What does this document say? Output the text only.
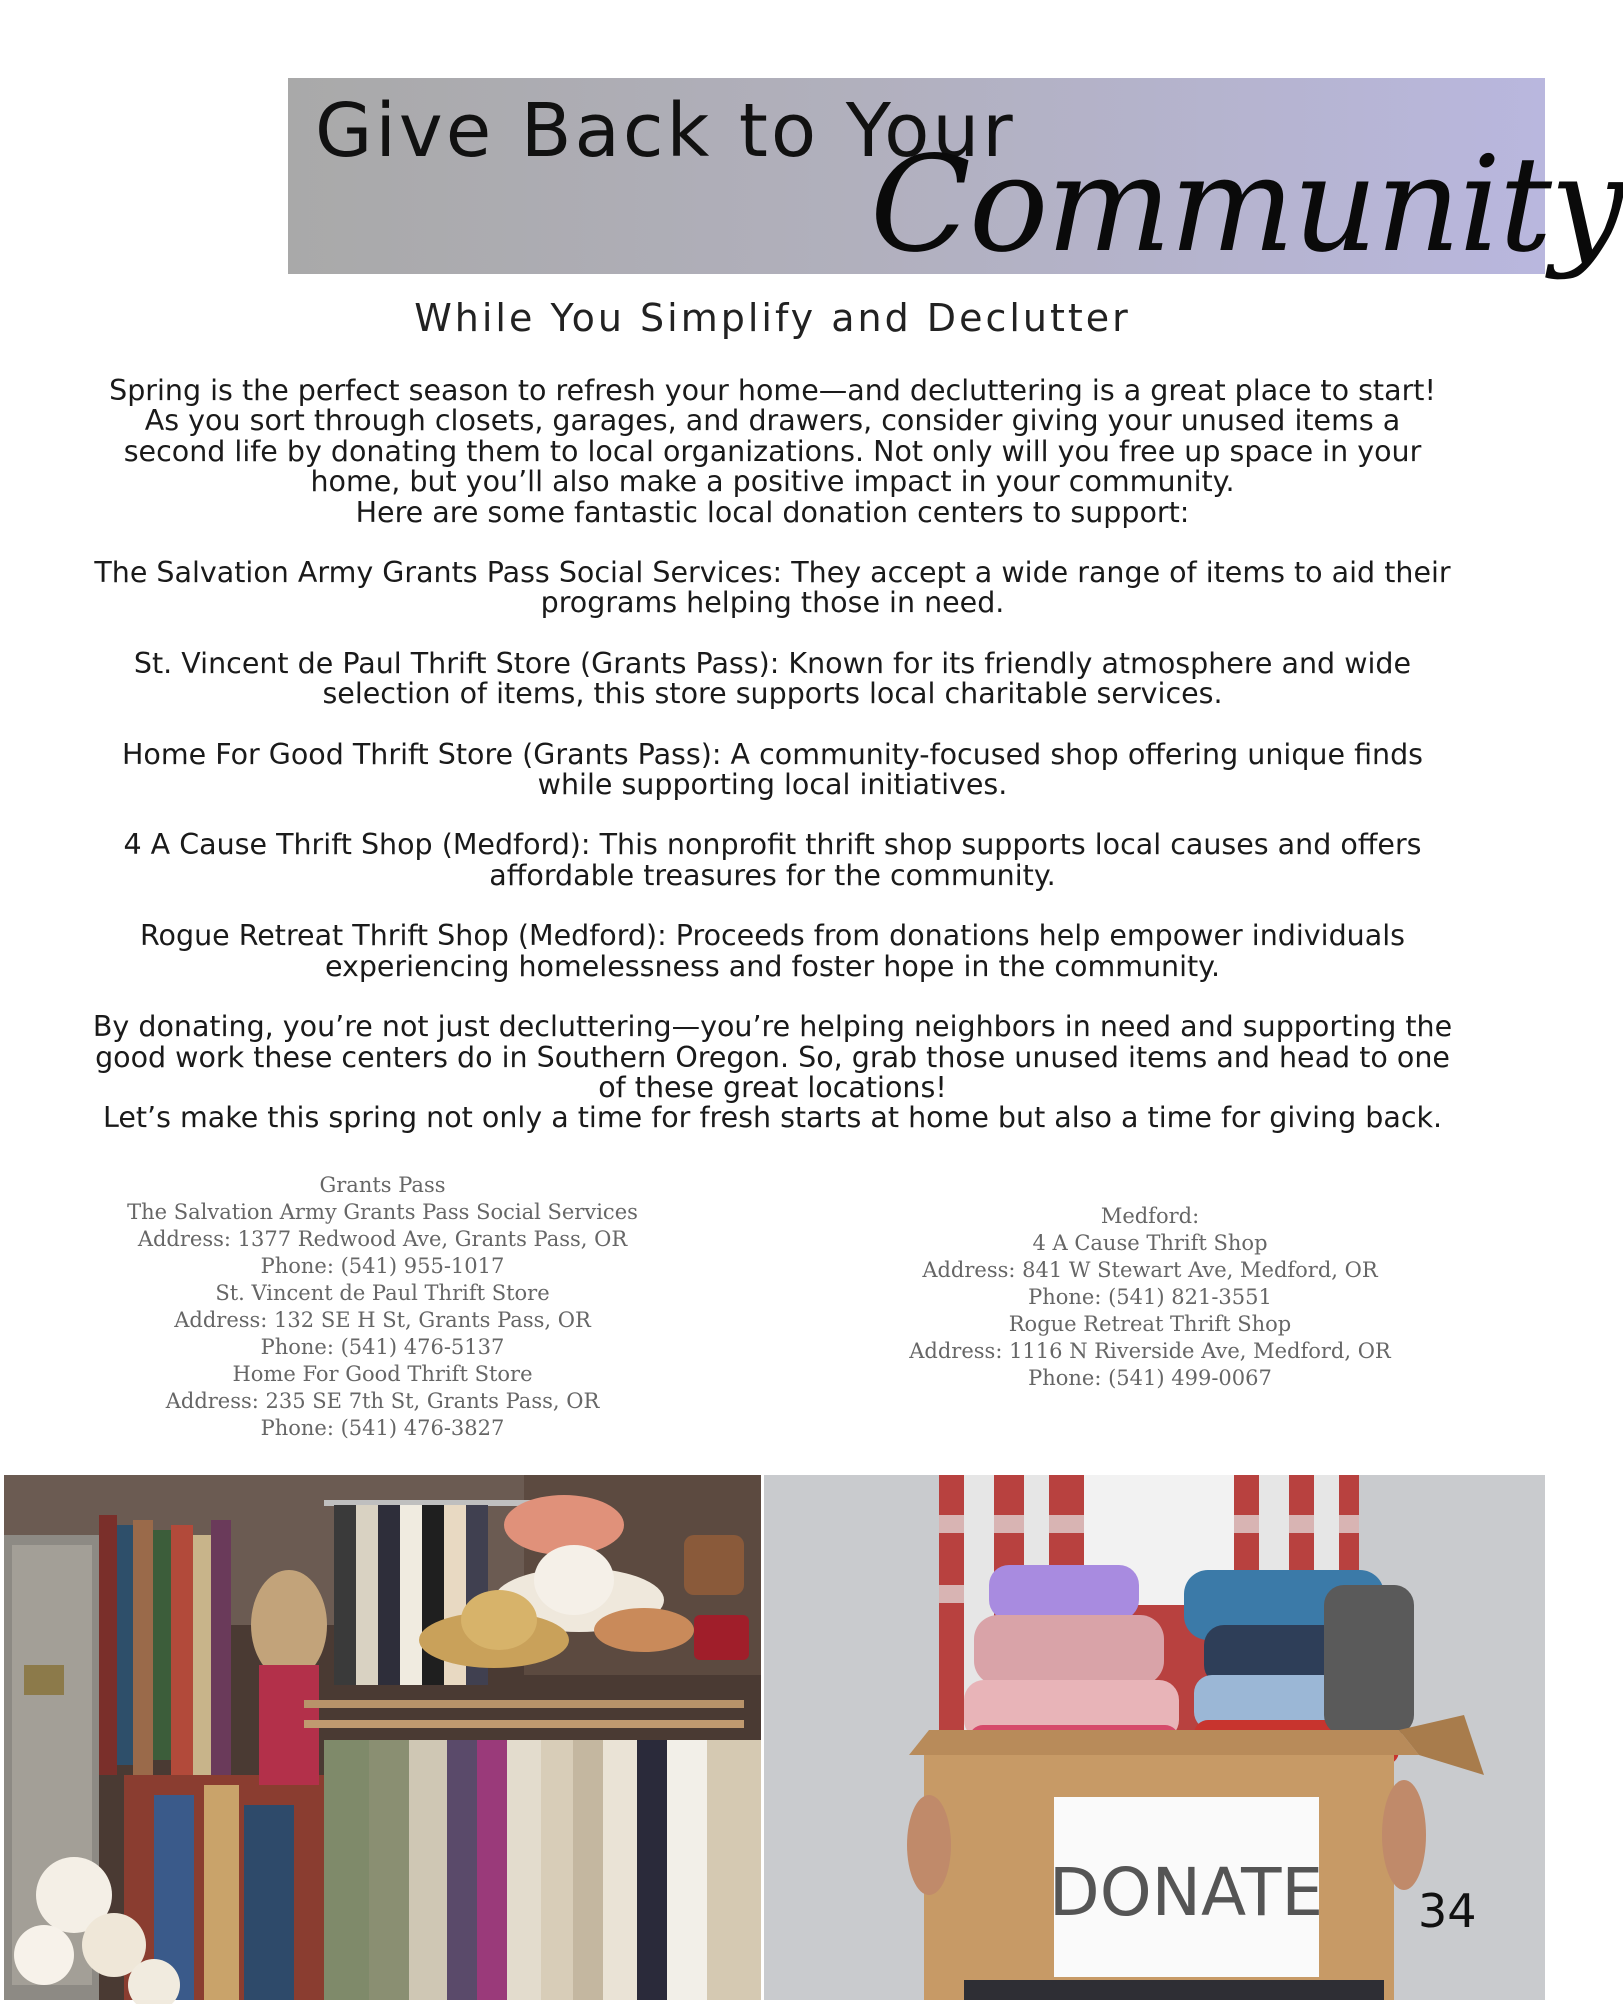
Give Back to Your
Community
While You Simplify and Declutter

Spring is the perfect season to refresh your home—and decluttering is a great place to start!

As you sort through closets, garages, and drawers, consider giving your unused items a

second life by donating them to local organizations. Not only will you free up space in your

home, but you’ll also make a positive impact in your community.

Here are some fantastic local donation centers to support:

The Salvation Army Grants Pass Social Services: They accept a wide range of items to aid their

programs helping those in need.

St. Vincent de Paul Thrift Store (Grants Pass): Known for its friendly atmosphere and wide

selection of items, this store supports local charitable services.

Home For Good Thrift Store (Grants Pass): A community-focused shop offering unique finds

while supporting local initiatives.

4 A Cause Thrift Shop (Medford): This nonprofit thrift shop supports local causes and offers

affordable treasures for the community.

Rogue Retreat Thrift Shop (Medford): Proceeds from donations help empower individuals

experiencing homelessness and foster hope in the community.

By donating, you’re not just decluttering—you’re helping neighbors in need and supporting the

good work these centers do in Southern Oregon. So, grab those unused items and head to one

of these great locations!

Let’s make this spring not only a time for fresh starts at home but also a time for giving back.

Grants Pass
The Salvation Army Grants Pass Social Services
Address: 1377 Redwood Ave, Grants Pass, OR
Phone: (541) 955-1017
St. Vincent de Paul Thrift Store
Address: 132 SE H St, Grants Pass, OR
Phone: (541) 476-5137
Home For Good Thrift Store
Address: 235 SE 7th St, Grants Pass, OR
Phone: (541) 476-3827
Medford:
4 A Cause Thrift Shop
Address: 841 W Stewart Ave, Medford, OR
Phone: (541) 821-3551
Rogue Retreat Thrift Shop
Address: 1116 N Riverside Ave, Medford, OR
Phone: (541) 499-0067
DONATE 34
